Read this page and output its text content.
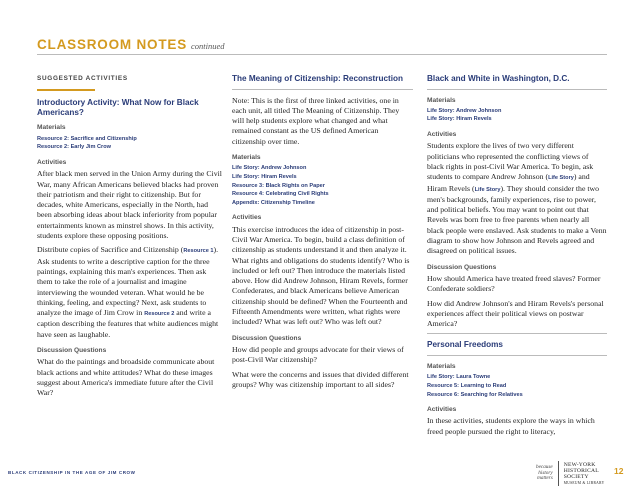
CLASSROOM NOTES continued
SUGGESTED ACTIVITIES
Introductory Activity: What Now for Black Americans?
Materials
Resource 2: Sacrifice and Citizenship
Resource 2: Early Jim Crow
Activities

After black men served in the Union Army during the Civil War, many African Americans believed blacks had proven their patriotism and their right to citizenship. But for decades, white Americans, especially in the North, had been absorbing ideas about black inferiority from popular entertainments known as minstrel shows. In this activity, students explore these opposing positions.

Distribute copies of Sacrifice and Citizenship (Resource 1). Ask students to write a descriptive caption for the three paintings, explaining this man's experiences. Then ask them to take the role of a journalist and imagine interviewing the wounded veteran. What would he be thinking, feeling, and expecting? Next, ask students to analyze the image of Jim Crow in Resource 2 and write a caption describing the features that white audiences might have seen as laughable.

Discussion Questions

What do the paintings and broadside communicate about black actions and white attitudes? What do these images suggest about America's immediate future after the Civil War?

The Meaning of Citizenship: Reconstruction

Note: This is the first of three linked activities, one in each unit, all titled The Meaning of Citizenship. They will help students explore what changed and what remained constant as the US defined American citizenship over time.

Materials
Life Story: Andrew Johnson
Life Story: Hiram Revels
Resource 3: Black Rights on Paper
Resource 4: Celebrating Civil Rights
Appendix: Citizenship Timeline
Activities

This exercise introduces the idea of citizenship in post-Civil War America. To begin, build a class definition of citizenship as students understand it and then analyze it. What rights and obligations do students identify? Who is included or left out? Then introduce the materials listed above. How did Andrew Johnson, Hiram Revels, former Confederates, and black Americans believe American citizenship should be defined? When the Fourteenth and Fifteenth Amendments were written, what rights were included? What was left out? Who was left out?

Discussion Questions

How did people and groups advocate for their views of post-Civil War citizenship?

What were the concerns and issues that divided different groups? Why was citizenship important to all sides?

Black and White in Washington, D.C.
Materials
Life Story: Andrew Johnson
Life Story: Hiram Revels
Activities

Students explore the lives of two very different politicians who represented the conflicting views of black rights in post-Civil War America. To begin, ask students to compare Andrew Johnson (Life Story) and Hiram Revels (Life Story). They should consider the two men's backgrounds, family experiences, rise to power, and political beliefs. You may want to point out that Revels was born free to free parents when nearly all black people were enslaved. Ask students to make a Venn diagram to show how Johnson and Revels agreed and disagreed on political issues.

Discussion Questions

How should America have treated freed slaves? Former Confederate soldiers?

How did Andrew Johnson's and Hiram Revels's personal experiences affect their political views on postwar America?

Personal Freedoms
Materials
Life Story: Laura Towne
Resource 5: Learning to Read
Resource 6: Searching for Relatives
Activities

In these activities, students explore the ways in which freed people pursued the right to literacy,

BLACK CITIZENSHIP IN THE AGE OF JIM CROW
because
history
matters
NEW-YORK
HISTORICAL
SOCIETY
MUSEUM & LIBRARY
12
